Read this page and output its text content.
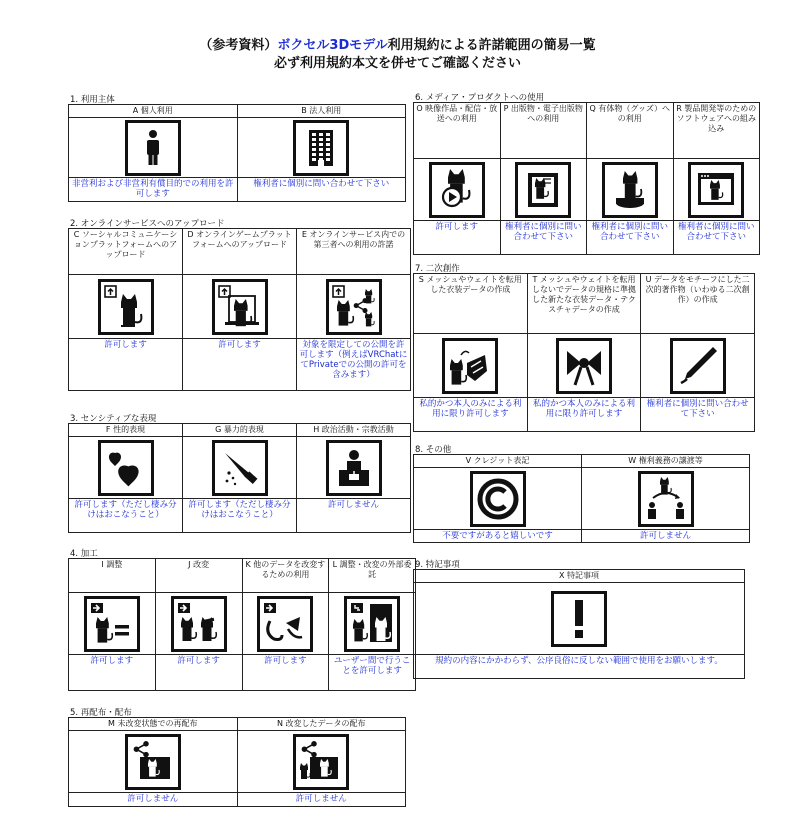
（参考資料）ボクセル3Dモデル利用規約による許諾範囲の簡易一覧
必ず利用規約本文を併せてご確認ください
1. 利用主体
A 個人利用	B 法人利用

非営利および非営利有償目的での利用を許可します	権利者に個別に問い合わせて下さい
2. オンラインサービスへのアップロード
C ソーシャルコミュニケーションプラットフォームへのアップロード	D オンラインゲームプラットフォームへのアップロード	E オンラインサービス内での第三者への利用の許諾

許可します	許可します	対象を限定しての公開を許可します（例えばVRChatにてPrivateでの公開の許可を含みます）
3. センシティブな表現
F 性的表現	G 暴力的表現	H 政治活動・宗教活動

許可します（ただし棲み分けはおこなうこと）	許可します（ただし棲み分けはおこなうこと）	許可しません
4. 加工
I 調整	J 改変	K 他のデータを改変するための利用	L 調整・改変の外部委託

許可します	許可します	許可します	ユーザー間で行うことを許可します
5. 再配布・配布
M 未改変状態での再配布	N 改変したデータの配布

許可しません	許可しません
6. メディア・プロダクトへの使用
O 映像作品・配信・放送への利用	P 出版物・電子出版物への利用	Q 有体物（グッズ）への利用	R 製品開発等のためのソフトウェアへの組み込み

許可します	権利者に個別に問い合わせて下さい	権利者に個別に問い合わせて下さい	権利者に個別に問い合わせて下さい
7. 二次創作
S メッシュやウェイトを転用した衣装データの作成	T メッシュやウェイトを転用しないでデータの規格に準拠した新たな衣装データ・テクスチャデータの作成	U データをモチーフにした二次的著作物（いわゆる二次創作）の作成

私的かつ本人のみによる利用に限り許可します	私的かつ本人のみによる利用に限り許可します	権利者に個別に問い合わせて下さい
8. その他
V クレジット表記	W 権利義務の譲渡等

不要ですがあると嬉しいです	許可しません
9. 特記事項
X 特記事項

規約の内容にかかわらず、公序良俗に反しない範囲で使用をお願いします。
